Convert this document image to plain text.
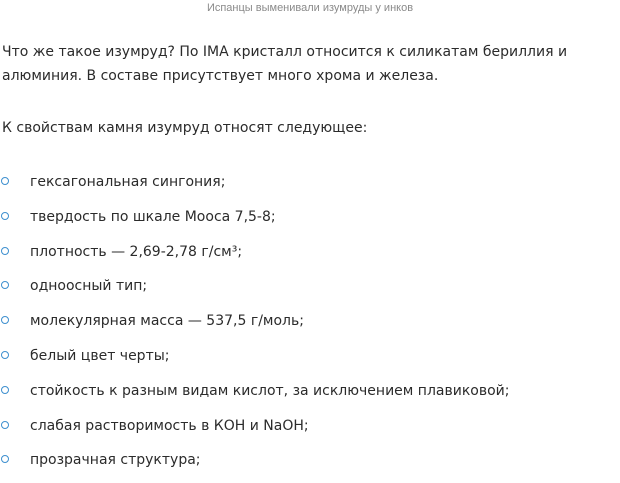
Испанцы выменивали изумруды у инков

Что же такое изумруд? По IMA кристалл относится к силикатам бериллия и алюминия. В составе присутствует много хрома и железа.

К свойствам камня изумруд относят следующее:

гексагональная сингония;
твердость по шкале Мооса 7,5-8;
плотность — 2,69-2,78 г/см³;
одноосный тип;
молекулярная масса — 537,5 г/моль;
белый цвет черты;
стойкость к разным видам кислот, за исключением плавиковой;
слабая растворимость в КОН и NaOH;
прозрачная структура;
